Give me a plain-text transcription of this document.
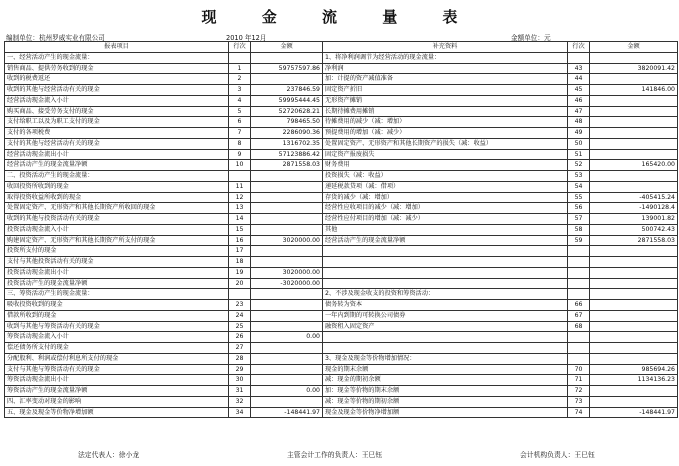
现 金 流 量 表
编制单位：杭州罗威实业有限公司	2010 年12月	金额单位：元
报表项目	行次	金额	补充资料	行次	金额
一、经营活动产生的现金流量：			1、将净利润调节为经营活动的现金流量：		
销售商品、提供劳务收到的现金	1	59757597.86	净利润	43	3820091.42
收到的税费返还	2		加：计提的资产减值准备	44	
收到的其他与经营活动有关的现金	3	237846.59	固定资产折旧	45	141846.00
经营活动现金流入小计	4	59995444.45	无形资产摊销	46	
购买商品、接受劳务支付的现金	5	52720628.21	长期待摊费用摊销	47	
支付给职工以及为职工支付的现金	6	798465.50	待摊费用的减少（减：增加）	48	
支付的各项税费	7	2286090.36	预提费用的增加（减：减少）	49	
支付的其他与经营活动有关的现金	8	1316702.35	处置固定资产、无形资产和其他长期资产的损失（减：收益）	50	
经营活动现金流出小计	9	57123886.42	固定资产报废损失	51	
经营活动产生的现金流量净额	10	2871558.03	财务费用	52	165420.00
二、投资活动产生的现金流量：			投资损失（减：收益）	53	
收回投资所收到的现金	11		递延税款贷项（减：借项）	54	
取得投资收益所收到的现金	12		存货的减少（减：增加）	55	-405415.24
处置固定资产、无形资产和其他长期资产所收回的现金	13		经营性应收项目的减少（减：增加）	56	-1490128.4
收到的其他与投资活动有关的现金	14		经营性应付项目的增加（减：减少）	57	139001.82
投资活动现金流入小计	15		其他	58	500742.43
购建固定资产、无形资产和其他长期资产所支付的现金	16	3020000.00	经营活动产生的现金流量净额	59	2871558.03
投资所支付的现金	17				
支付与其他投资活动有关的现金	18				
投资活动现金流出小计	19	3020000.00			
投资活动产生的现金流量净额	20	-3020000.00			
三、筹资活动产生的现金流量：			2、不涉及现金收支的投资和筹资活动：		
吸收投资收到的现金	23		债务转为资本	66	
借款所收到的现金	24		一年内到期的可转换公司债券	67	
收到与其他与筹资活动有关的现金	25		融资租入固定资产	68	
筹资活动现金流入小计	26	0.00			
偿还债务所支付的现金	27				
分配股利、利润或偿付利息所支付的现金	28		3、现金及现金等价物增加情况：		
支付与其他与筹资活动有关的现金	29		现金的期末余额	70	985694.26
筹资活动现金流出小计	30		减：现金的期初余额	71	1134136.23
筹资活动产生的现金流量净额	31	0.00	加：现金等价物的期末余额	72	
四、汇率变动对现金的影响	32		减：现金等价物的期初余额	73	
五、现金及现金等价物净增加额	34	-148441.97	现金及现金等价物净增加额	74	-148441.97
法定代表人：徐小龙	主管会计工作的负责人：王巳钰	会计机构负责人：王巳钰
